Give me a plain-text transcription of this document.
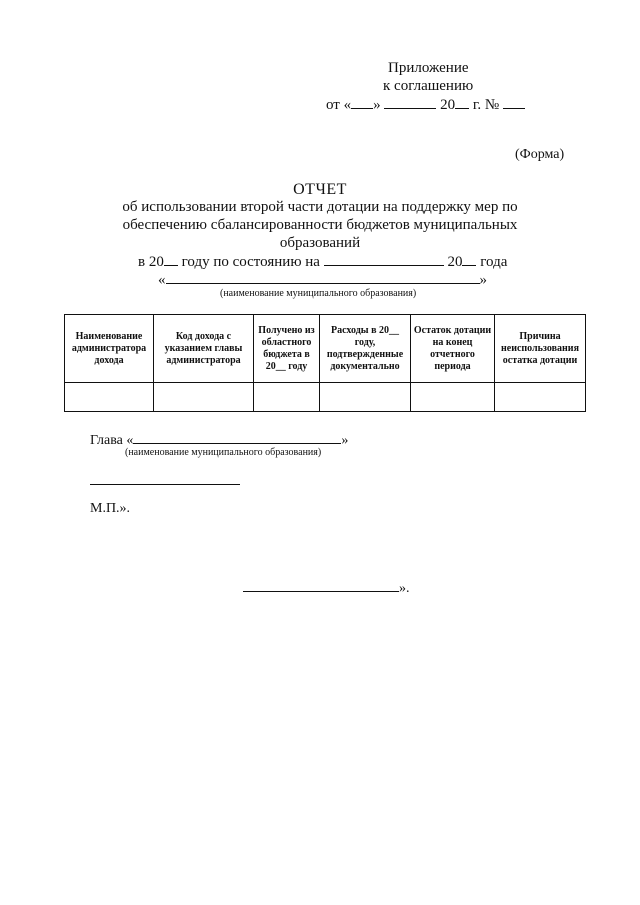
Приложение
к соглашению
от « »	20 г. №
(Форма)
ОТЧЕТ
об использовании второй части дотации на поддержку мер по
обеспечению сбалансированности бюджетов муниципальных
образований
в 20 году по состоянию на	20 года
«	»
(наименование муниципального образования)
Наименование администратора дохода	Код дохода с указанием главы администратора	Получено из областного бюджета в 20__ году	Расходы в 20__ году, подтвержденные документально	Остаток дотации на конец отчетного периода	Причина неиспользования остатка дотации

Глава «	»
(наименование муниципального образования)
М.П.».
».
